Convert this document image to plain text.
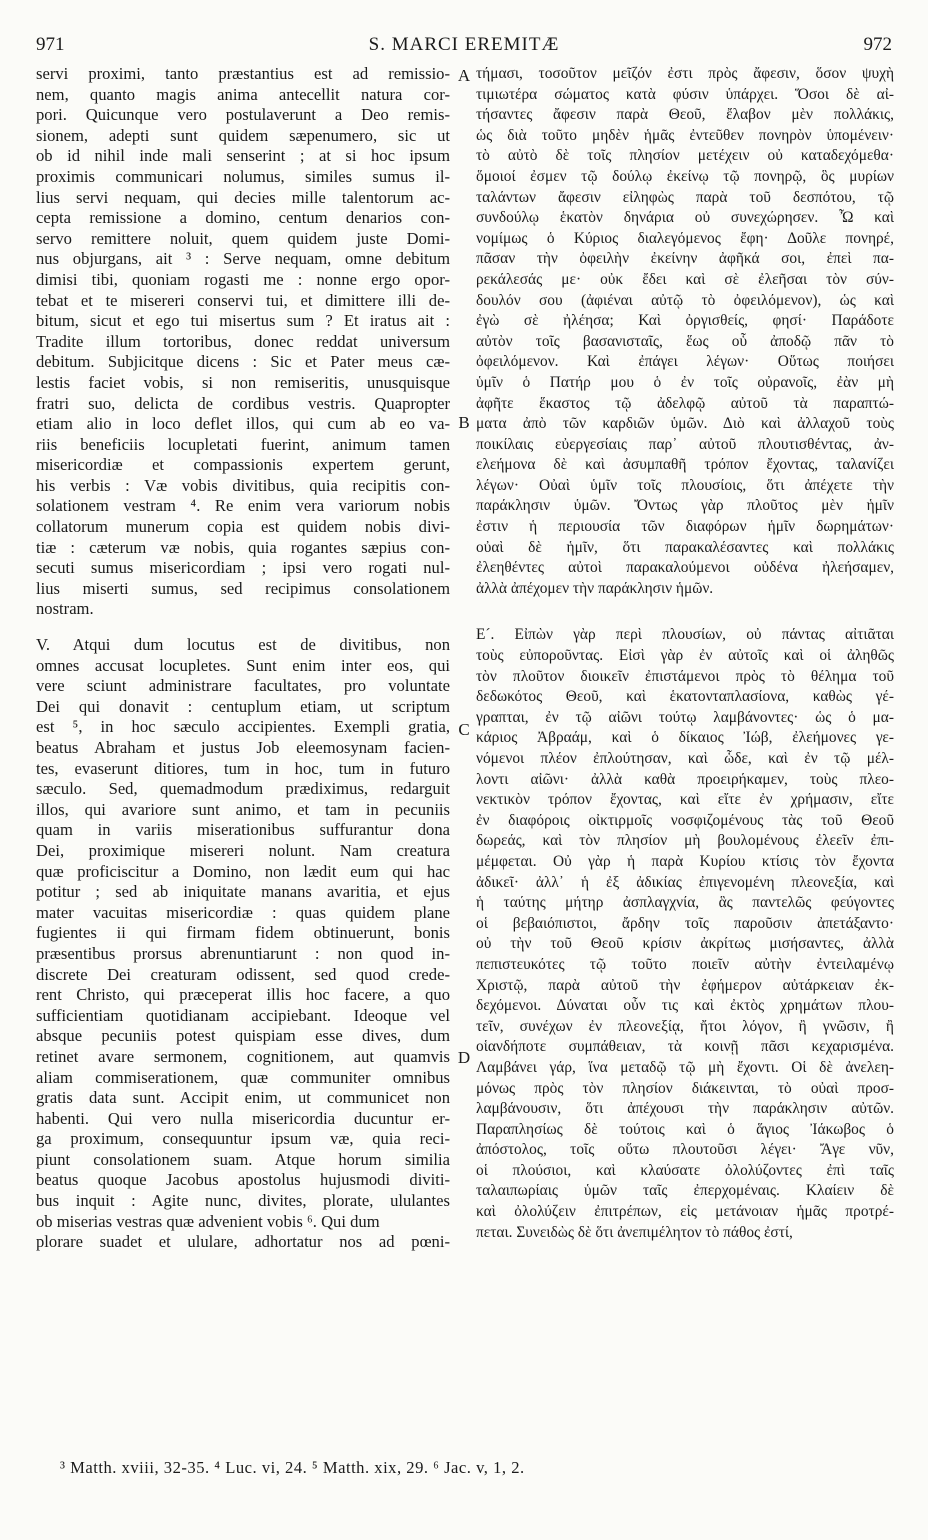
971	S. MARCI EREMITÆ	972
servi proximi, tanto præstantius est ad remissio-
nem, quanto magis anima antecellit natura cor-
pori. Quicunque vero postulaverunt a Deo remis-
sionem, adepti sunt quidem sæpenumero, sic ut
ob id nihil inde mali senserint ; at si hoc ipsum
proximis communicari nolumus, similes sumus il-
lius servi nequam, qui decies mille talentorum ac-
cepta remissione a domino, centum denarios con-
servo remittere noluit, quem quidem juste Domi-
nus objurgans, ait ³ : Serve nequam, omne debitum
dimisi tibi, quoniam rogasti me : nonne ergo opor-
tebat et te misereri conservi tui, et dimittere illi de-
bitum, sicut et ego tui misertus sum ? Et iratus ait :
Tradite illum tortoribus, donec reddat universum
debitum. Subjicitque dicens : Sic et Pater meus cæ-
lestis faciet vobis, si non remiseritis, unusquisque
fratri suo, delicta de cordibus vestris. Quapropter
etiam alio in loco deflet illos, qui cum ab eo va-
riis beneficiis locupletati fuerint, animum tamen
misericordiæ et compassionis expertem gerunt,
his verbis : Væ vobis divitibus, quia recipitis con-
solationem vestram ⁴. Re enim vera variorum nobis
collatorum munerum copia est quidem nobis divi-
tiæ : cæterum væ nobis, quia rogantes sæpius con-
secuti sumus misericordiam ; ipsi vero rogati nul-
lius miserti sumus, sed recipimus consolationem
nostram.
V. Atqui dum locutus est de divitibus, non
omnes accusat locupletes. Sunt enim inter eos, qui
vere sciunt administrare facultates, pro voluntate
Dei qui donavit : centuplum etiam, ut scriptum
est ⁵, in hoc sæculo accipientes. Exempli gratia,
beatus Abraham et justus Job eleemosynam facien-
tes, evaserunt ditiores, tum in hoc, tum in futuro
sæculo. Sed, quemadmodum prædiximus, redarguit
illos, qui avariore sunt animo, et tam in pecuniis
quam in variis miserationibus suffurantur dona
Dei, proximique misereri nolunt. Nam creatura
quæ proficiscitur a Domino, non lædit eum qui hac
potitur ; sed ab iniquitate manans avaritia, et ejus
mater vacuitas misericordiæ : quas quidem plane
fugientes ii qui firmam fidem obtinuerunt, bonis
præsentibus prorsus abrenuntiarunt : non quod in-
discrete Dei creaturam odissent, sed quod crede-
rent Christo, qui præceperat illis hoc facere, a quo
sufficientiam quotidianam accipiebant. Ideoque vel
absque pecuniis potest quispiam esse dives, dum
retinet avare sermonem, cognitionem, aut quamvis
aliam commiserationem, quæ communiter omnibus
gratis data sunt. Accipit enim, ut communicet non
habenti. Qui vero nulla misericordia ducuntur er-
ga proximum, consequuntur ipsum væ, quia reci-
piunt consolationem suam. Atque horum similia
beatus quoque Jacobus apostolus hujusmodi diviti-
bus inquit : Agite nunc, divites, plorate, ululantes
ob miserias vestras quæ advenient vobis ⁶. Qui dum
plorare suadet et ululare, adhortatur nos ad pœni-
τήμασι, τοσοῦτον μεῖζόν ἐστι πρὸς ἄφεσιν, ὅσον ψυχὴ
τιμιωτέρα σώματος κατὰ φύσιν ὑπάρχει. Ὅσοι δὲ αἰ-
τήσαντες ἄφεσιν παρὰ Θεοῦ, ἔλαβον μὲν πολλάκις,
ὡς διὰ τοῦτο μηδὲν ἡμᾶς ἐντεῦθεν πονηρὸν ὑπομένειν·
τὸ αὐτὸ δὲ τοῖς πλησίον μετέχειν οὐ καταδεχόμεθα·
ὅμοιοί ἐσμεν τῷ δούλῳ ἐκείνῳ τῷ πονηρῷ, ὃς μυρίων
ταλάντων ἄφεσιν εἰληφὼς παρὰ τοῦ δεσπότου, τῷ
συνδούλῳ ἑκατὸν δηνάρια οὐ συνεχώρησεν. Ὦ καὶ
νομίμως ὁ Κύριος διαλεγόμενος ἔφη· Δοῦλε πονηρέ,
πᾶσαν τὴν ὀφειλὴν ἐκείνην ἀφῆκά σοι, ἐπεὶ πα-
ρεκάλεσάς με· οὐκ ἔδει καὶ σὲ ἐλεῆσαι τὸν σύν-
δουλόν σου (ἀφιέναι αὐτῷ τὸ ὀφειλόμενον), ὡς καὶ
ἐγὼ σὲ ἠλέησα; Καὶ ὀργισθείς, φησί· Παράδοτε
αὐτὸν τοῖς βασανισταῖς, ἕως οὗ ἀποδῷ πᾶν τὸ
ὀφειλόμενον. Καὶ ἐπάγει λέγων· Οὕτως ποιήσει
ὑμῖν ὁ Πατήρ μου ὁ ἐν τοῖς οὐρανοῖς, ἐὰν μὴ
ἀφῆτε ἕκαστος τῷ ἀδελφῷ αὐτοῦ τὰ παραπτώ-
ματα ἀπὸ τῶν καρδιῶν ὑμῶν. Διὸ καὶ ἀλλαχοῦ τοὺς
ποικίλαις εὐεργεσίαις παρ᾽ αὐτοῦ πλουτισθέντας, ἀν-
ελεήμονα δὲ καὶ ἀσυμπαθῆ τρόπον ἔχοντας, ταλανίζει
λέγων· Οὐαὶ ὑμῖν τοῖς πλουσίοις, ὅτι ἀπέχετε τὴν
παράκλησιν ὑμῶν. Ὄντως γὰρ πλοῦτος μὲν ἡμῖν
ἐστιν ἡ περιουσία τῶν διαφόρων ἡμῖν δωρημάτων·
οὐαὶ δὲ ἡμῖν, ὅτι παρακαλέσαντες καὶ πολλάκις
ἐλεηθέντες αὐτοὶ παρακαλούμενοι οὐδένα ἠλεήσαμεν,
ἀλλὰ ἀπέχομεν τὴν παράκλησιν ἡμῶν.
Ε´. Εἰπὼν γὰρ περὶ πλουσίων, οὐ πάντας αἰτιᾶται
τοὺς εὐποροῦντας. Εἰσὶ γὰρ ἐν αὐτοῖς καὶ οἱ ἀληθῶς
τὸν πλοῦτον διοικεῖν ἐπιστάμενοι πρὸς τὸ θέλημα τοῦ
δεδωκότος Θεοῦ, καὶ ἑκατονταπλασίονα, καθὼς γέ-
γραπται, ἐν τῷ αἰῶνι τούτῳ λαμβάνοντες· ὡς ὁ μα-
κάριος Ἀβραάμ, καὶ ὁ δίκαιος Ἰώβ, ἐλεήμονες γε-
νόμενοι πλέον ἐπλούτησαν, καὶ ὧδε, καὶ ἐν τῷ μέλ-
λοντι αἰῶνι· ἀλλὰ καθὰ προειρήκαμεν, τοὺς πλεο-
νεκτικὸν τρόπον ἔχοντας, καὶ εἴτε ἐν χρήμασιν, εἴτε
ἐν διαφόροις οἰκτιρμοῖς νοσφιζομένους τὰς τοῦ Θεοῦ
δωρεάς, καὶ τὸν πλησίον μὴ βουλομένους ἐλεεῖν ἐπι-
μέμφεται. Οὐ γὰρ ἡ παρὰ Κυρίου κτίσις τὸν ἔχοντα
ἀδικεῖ· ἀλλ᾽ ἡ ἐξ ἀδικίας ἐπιγενομένη πλεονεξία, καὶ
ἡ ταύτης μήτηρ ἀσπλαγχνία, ἃς παντελῶς φεύγοντες
οἱ βεβαιόπιστοι, ἄρδην τοῖς παροῦσιν ἀπετάξαντο·
οὐ τὴν τοῦ Θεοῦ κρίσιν ἀκρίτως μισήσαντες, ἀλλὰ
πεπιστευκότες τῷ τοῦτο ποιεῖν αὐτὴν ἐντειλαμένῳ
Χριστῷ, παρὰ αὐτοῦ τὴν ἐφήμερον αὐτάρκειαν ἐκ-
δεχόμενοι. Δύναται οὖν τις καὶ ἐκτὸς χρημάτων πλου-
τεῖν, συνέχων ἐν πλεονεξίᾳ, ἤτοι λόγον, ἢ γνῶσιν, ἢ
οἱανδήποτε συμπάθειαν, τὰ κοινῇ πᾶσι κεχαρισμένα.
Λαμβάνει γάρ, ἵνα μεταδῷ τῷ μὴ ἔχοντι. Οἱ δὲ ἀνελεη-
μόνως πρὸς τὸν πλησίον διάκεινται, τὸ οὐαὶ προσ-
λαμβάνουσιν, ὅτι ἀπέχουσι τὴν παράκλησιν αὐτῶν.
Παραπλησίως δὲ τούτοις καὶ ὁ ἅγιος Ἰάκωβος ὁ
ἀπόστολος, τοῖς οὕτω πλουτοῦσι λέγει· Ἄγε νῦν,
οἱ πλούσιοι, καὶ κλαύσατε ὀλολύζοντες ἐπὶ ταῖς
ταλαιπωρίαις ὑμῶν ταῖς ἐπερχομέναις. Κλαίειν δὲ
καὶ ὀλολύζειν ἐπιτρέπων, εἰς μετάνοιαν ἡμᾶς προτρέ-
πεται. Συνειδὼς δὲ ὅτι ἀνεπιμέλητον τὸ πάθος ἐστί,
A
B
C
D
³ Matth. xviii, 32-35. ⁴ Luc. vi, 24. ⁵ Matth. xix, 29. ⁶ Jac. v, 1, 2.
